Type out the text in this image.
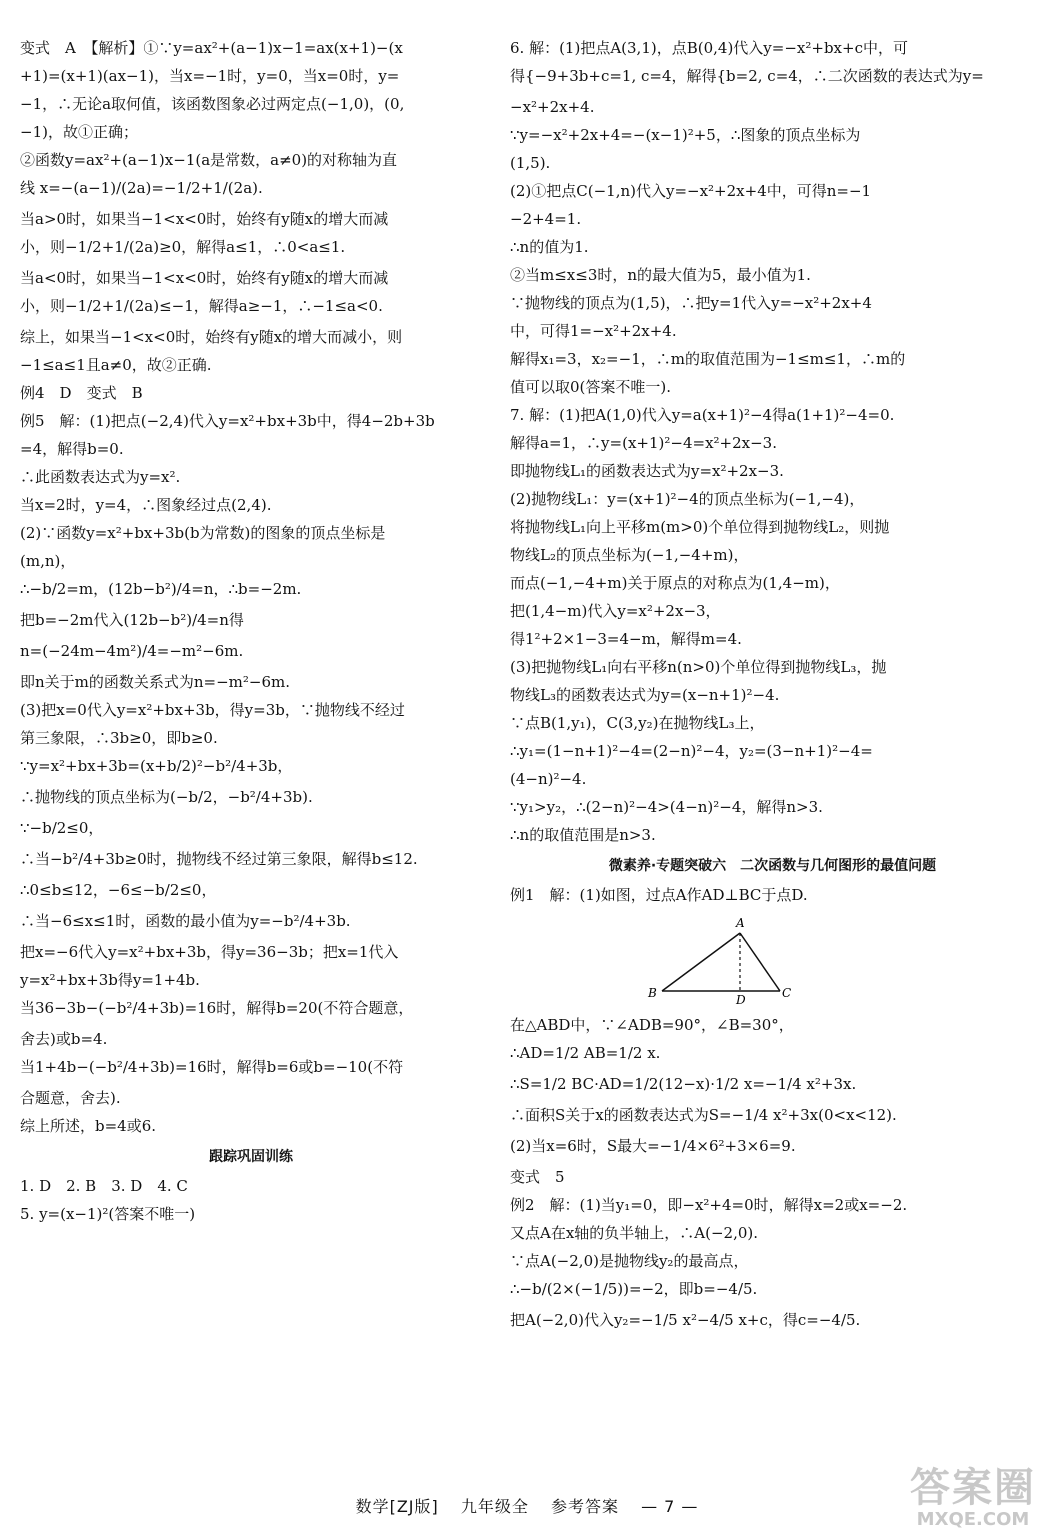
变式　A　【解析】①∵y=ax²+(a−1)x−1=ax(x+1)−(x
+1)=(x+1)(ax−1)，当x=−1时，y=0，当x=0时，y=
−1，∴无论a取何值，该函数图象必过两定点(−1,0)，(0,
−1)，故①正确；
②函数y=ax²+(a−1)x−1(a是常数，a≠0)的对称轴为直
线 x=−(a−1)/(2a)=−1/2+1/(2a).
当a>0时，如果当−1<x<0时，始终有y随x的增大而减
小，则−1/2+1/(2a)≥0，解得a≤1，∴0<a≤1.
当a<0时，如果当−1<x<0时，始终有y随x的增大而减
小，则−1/2+1/(2a)≤−1，解得a≥−1，∴−1≤a<0.
综上，如果当−1<x<0时，始终有y随x的增大而减小，则
−1≤a≤1且a≠0，故②正确.
例4　D　变式　B
例5　解：(1)把点(−2,4)代入y=x²+bx+3b中，得4−2b+3b
=4，解得b=0.
∴此函数表达式为y=x².
当x=2时，y=4，∴图象经过点(2,4).
(2)∵函数y=x²+bx+3b(b为常数)的图象的顶点坐标是
(m,n)，
∴−b/2=m，(12b−b²)/4=n，∴b=−2m.
把b=−2m代入(12b−b²)/4=n得
n=(−24m−4m²)/4=−m²−6m.
即n关于m的函数关系式为n=−m²−6m.
(3)把x=0代入y=x²+bx+3b，得y=3b，∵抛物线不经过
第三象限，∴3b≥0，即b≥0.
∵y=x²+bx+3b=(x+b/2)²−b²/4+3b，
∴抛物线的顶点坐标为(−b/2，−b²/4+3b).
∵−b/2≤0，
∴当−b²/4+3b≥0时，抛物线不经过第三象限，解得b≤12.
∴0≤b≤12，−6≤−b/2≤0，
∴当−6≤x≤1时，函数的最小值为y=−b²/4+3b.
把x=−6代入y=x²+bx+3b，得y=36−3b；把x=1代入
y=x²+bx+3b得y=1+4b.
当36−3b−(−b²/4+3b)=16时，解得b=20(不符合题意，
舍去)或b=4.
当1+4b−(−b²/4+3b)=16时，解得b=6或b=−10(不符
合题意，舍去).
综上所述，b=4或6.
跟踪巩固训练
1. D　2. B　3. D　4. C
5. y=(x−1)²(答案不唯一)
6. 解：(1)把点A(3,1)，点B(0,4)代入y=−x²+bx+c中，可
得{−9+3b+c=1, c=4，解得{b=2, c=4，∴二次函数的表达式为y=
−x²+2x+4.
∵y=−x²+2x+4=−(x−1)²+5，∴图象的顶点坐标为
(1,5).
(2)①把点C(−1,n)代入y=−x²+2x+4中，可得n=−1
−2+4=1.
∴n的值为1.
②当m≤x≤3时，n的最大值为5，最小值为1.
∵抛物线的顶点为(1,5)，∴把y=1代入y=−x²+2x+4
中，可得1=−x²+2x+4.
解得x₁=3，x₂=−1，∴m的取值范围为−1≤m≤1，∴m的
值可以取0(答案不唯一).
7. 解：(1)把A(1,0)代入y=a(x+1)²−4得a(1+1)²−4=0.
解得a=1，∴y=(x+1)²−4=x²+2x−3.
即抛物线L₁的函数表达式为y=x²+2x−3.
(2)抛物线L₁：y=(x+1)²−4的顶点坐标为(−1,−4)，
将抛物线L₁向上平移m(m>0)个单位得到抛物线L₂，则抛
物线L₂的顶点坐标为(−1,−4+m)，
而点(−1,−4+m)关于原点的对称点为(1,4−m)，
把(1,4−m)代入y=x²+2x−3，
得1²+2×1−3=4−m，解得m=4.
(3)把抛物线L₁向右平移n(n>0)个单位得到抛物线L₃，抛
物线L₃的函数表达式为y=(x−n+1)²−4.
∵点B(1,y₁)，C(3,y₂)在抛物线L₃上，
∴y₁=(1−n+1)²−4=(2−n)²−4，y₂=(3−n+1)²−4=
(4−n)²−4.
∵y₁>y₂，∴(2−n)²−4>(4−n)²−4，解得n>3.
∴n的取值范围是n>3.
微素养·专题突破六　二次函数与几何图形的最值问题
例1　解：(1)如图，过点A作AD⊥BC于点D.
A
B	C
D
在△ABD中，∵∠ADB=90°，∠B=30°，
∴AD=1/2 AB=1/2 x.
∴S=1/2 BC·AD=1/2(12−x)·1/2 x=−1/4 x²+3x.
∴面积S关于x的函数表达式为S=−1/4 x²+3x(0<x<12).
(2)当x=6时，S最大=−1/4×6²+3×6=9.
变式　5
例2　解：(1)当y₁=0，即−x²+4=0时，解得x=2或x=−2.
又点A在x轴的负半轴上，∴A(−2,0).
∵点A(−2,0)是抛物线y₂的最高点，
∴−b/(2×(−1/5))=−2，即b=−4/5.
把A(−2,0)代入y₂=−1/5 x²−4/5 x+c，得c=−4/5.
数学[ZJ版] 九年级全 参考答案 — 7 —	答案圈
MXQE.COM
